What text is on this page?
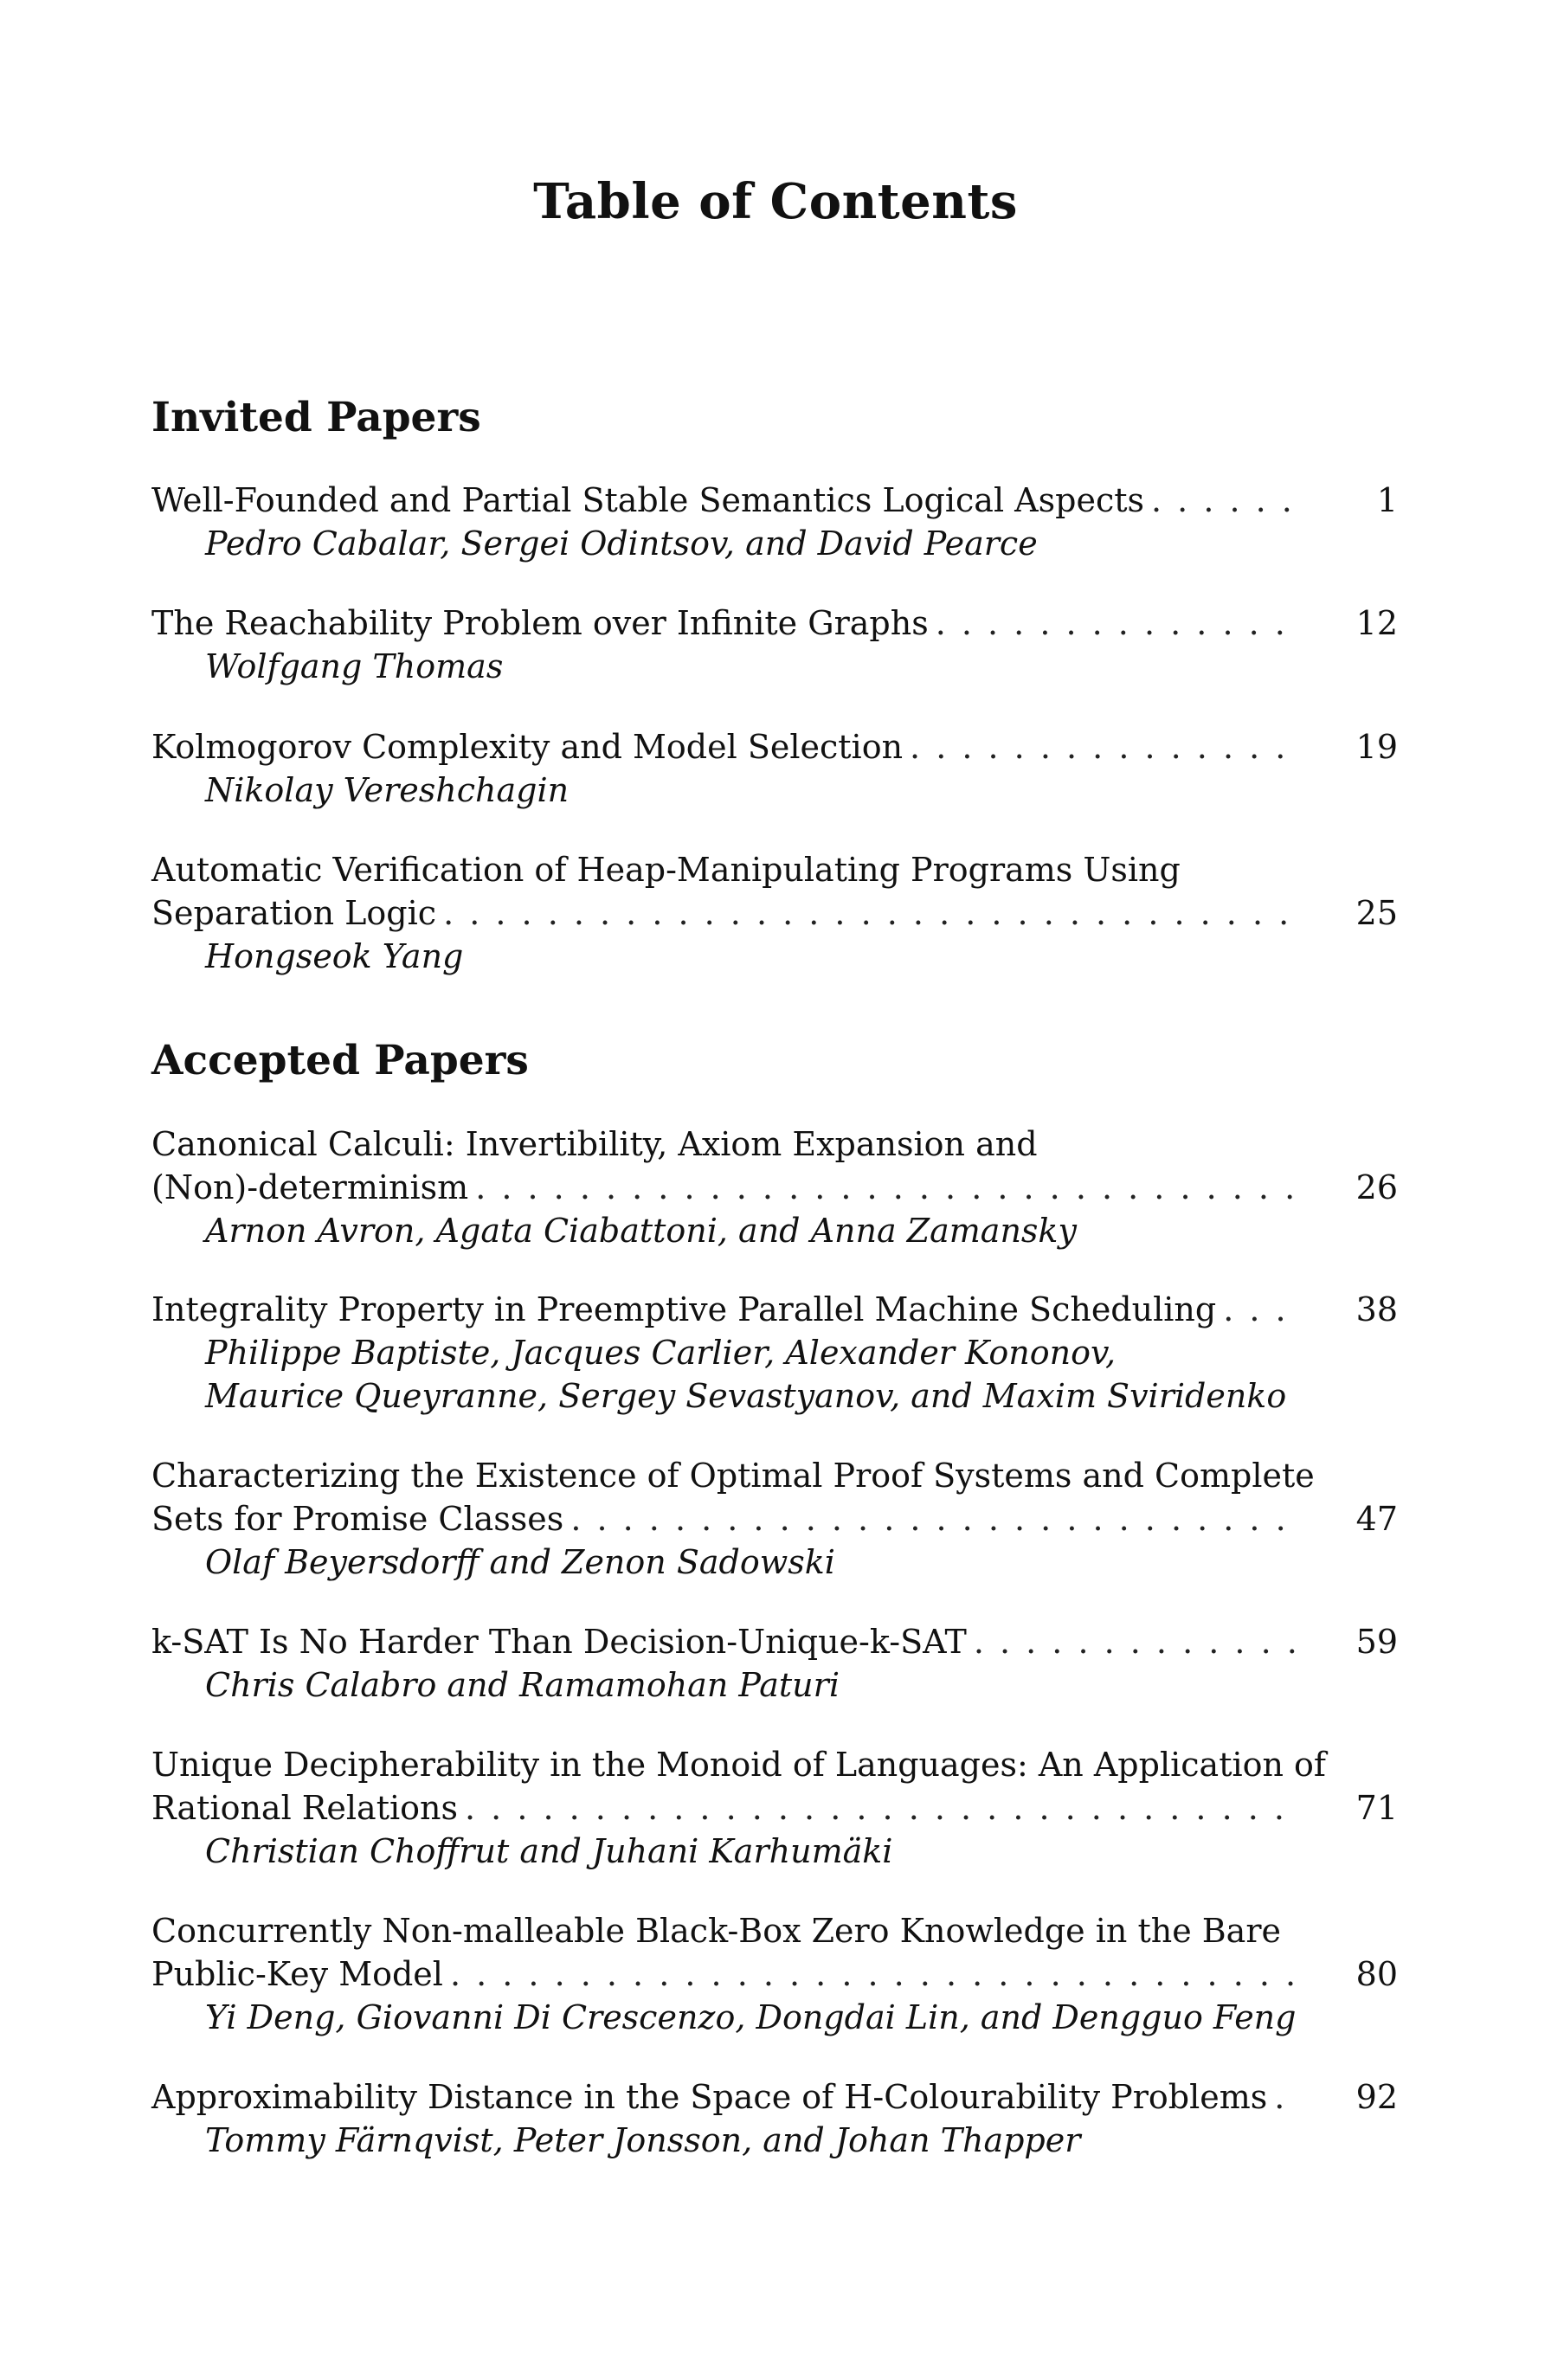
Table of Contents
Invited Papers
Well-Founded and Partial Stable Semantics Logical Aspects . . .	1
Pedro Cabalar, Sergei Odintsov, and David Pearce
The Reachability Problem over Infinite Graphs . . .	12
Wolfgang Thomas
Kolmogorov Complexity and Model Selection . . .	19
Nikolay Vereshchagin
Automatic Verification of Heap-Manipulating Programs Using
Separation Logic . . .	25
Hongseok Yang
Accepted Papers
Canonical Calculi: Invertibility, Axiom Expansion and
(Non)-determinism . . .	26
Arnon Avron, Agata Ciabattoni, and Anna Zamansky
Integrality Property in Preemptive Parallel Machine Scheduling . . .	38
Philippe Baptiste, Jacques Carlier, Alexander Kononov,
Maurice Queyranne, Sergey Sevastyanov, and Maxim Sviridenko
Characterizing the Existence of Optimal Proof Systems and Complete
Sets for Promise Classes . . .	47
Olaf Beyersdorff and Zenon Sadowski
k-SAT Is No Harder Than Decision-Unique-k-SAT . . .	59
Chris Calabro and Ramamohan Paturi
Unique Decipherability in the Monoid of Languages: An Application of
Rational Relations . . .	71
Christian Choffrut and Juhani Karhumäki
Concurrently Non-malleable Black-Box Zero Knowledge in the Bare
Public-Key Model . . .	80
Yi Deng, Giovanni Di Crescenzo, Dongdai Lin, and Dengguo Feng
Approximability Distance in the Space of H-Colourability Problems . . .	92
Tommy Färnqvist, Peter Jonsson, and Johan Thapper
